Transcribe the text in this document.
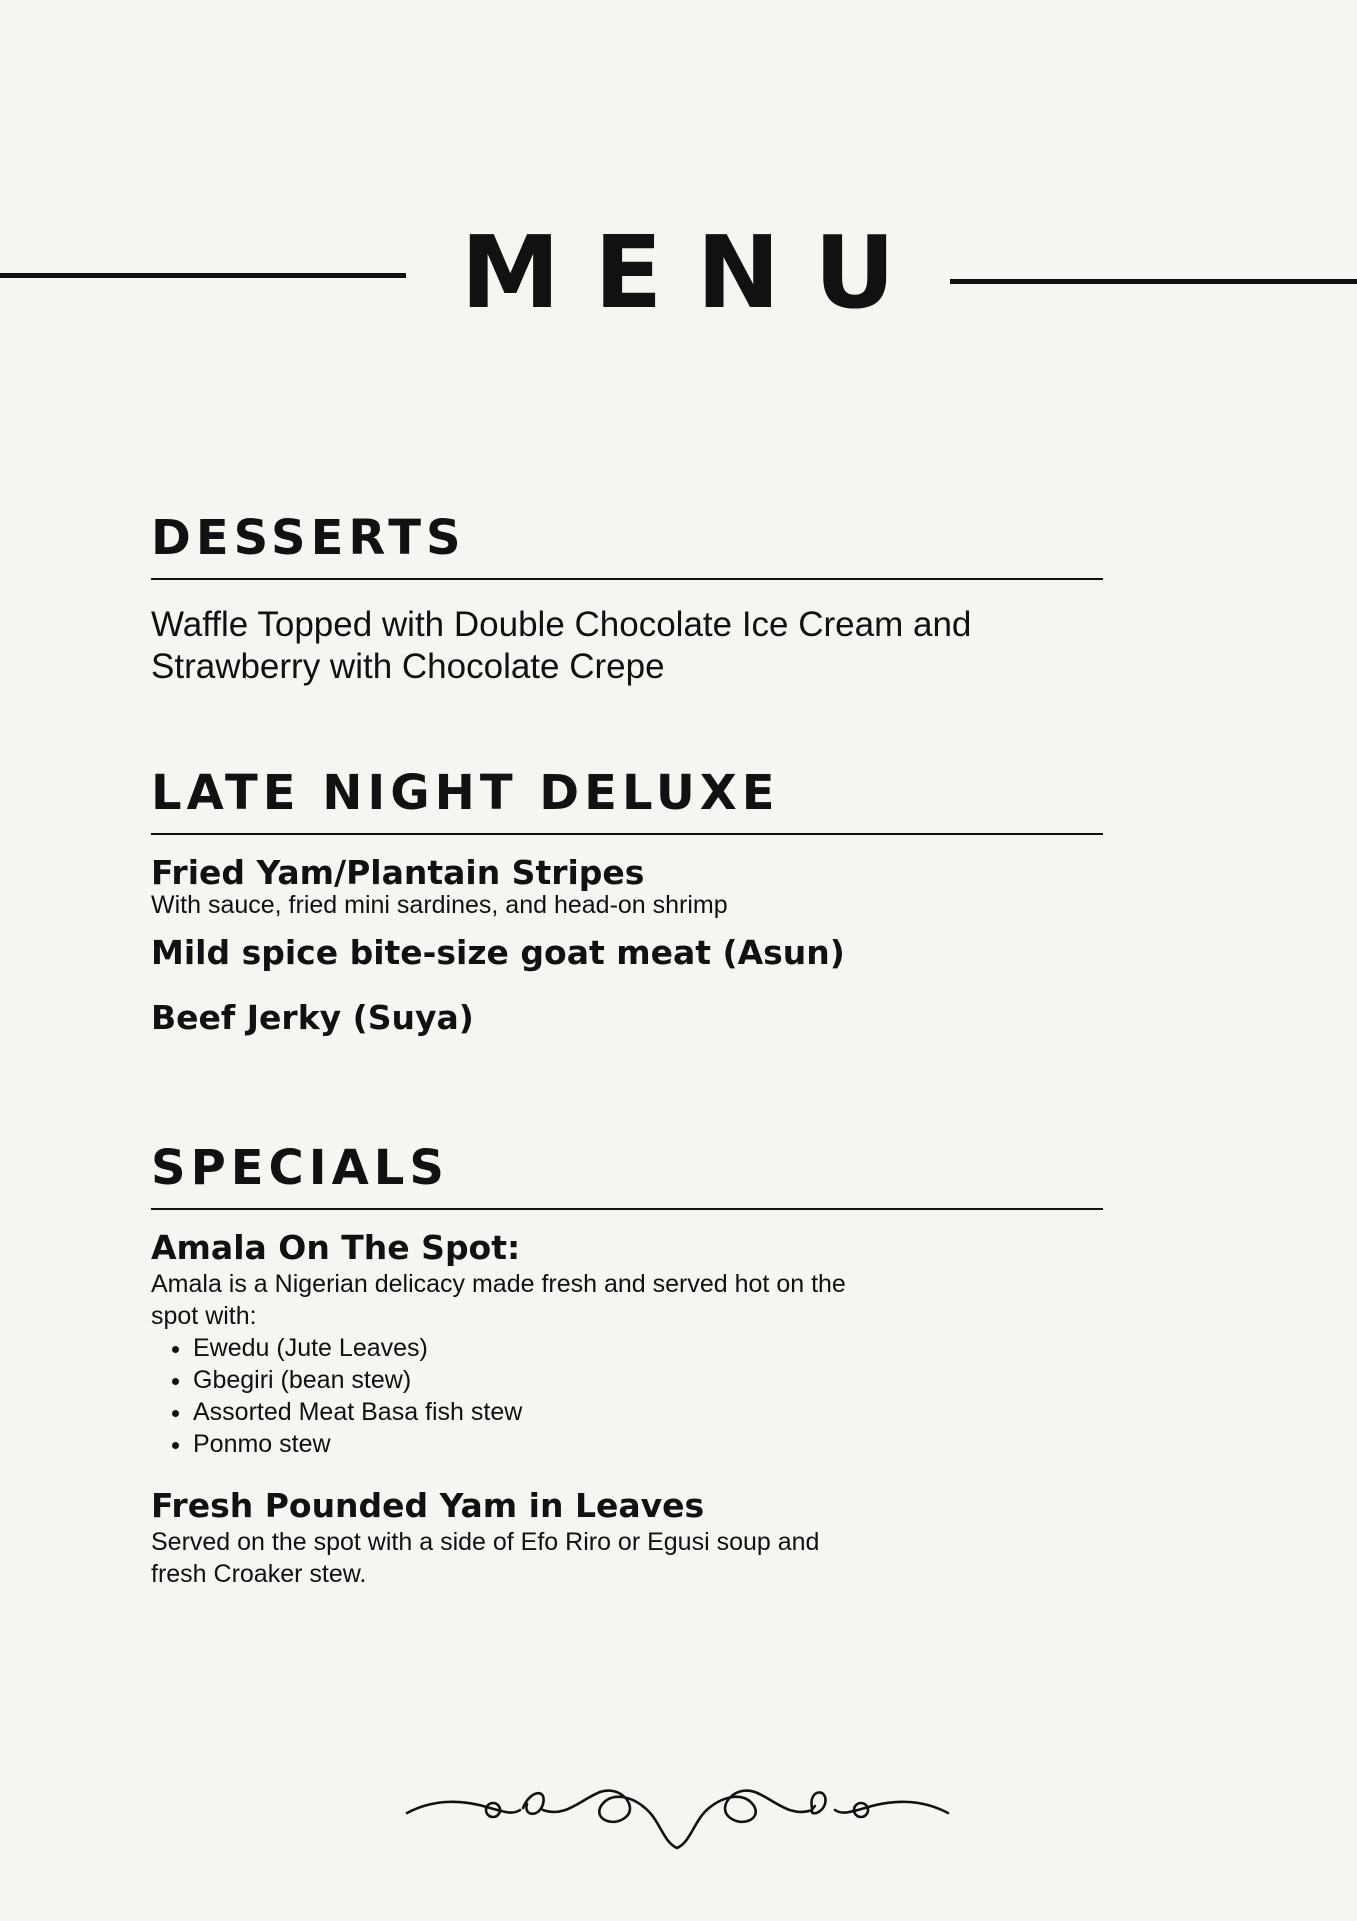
MENU
DESSERTS

Waffle Topped with Double Chocolate Ice Cream and Strawberry with Chocolate Crepe

LATE NIGHT DELUXE
Fried Yam/Plantain Stripes

With sauce, fried mini sardines, and head-on shrimp

Mild spice bite-size goat meat (Asun)
Beef Jerky (Suya)
SPECIALS
Amala On The Spot:

Amala is a Nigerian delicacy made fresh and served hot on the spot with:

• Ewedu (Jute Leaves)
• Gbegiri (bean stew)
• Assorted Meat Basa fish stew
• Ponmo stew
Fresh Pounded Yam in Leaves

Served on the spot with a side of Efo Riro or Egusi soup and fresh Croaker stew.
